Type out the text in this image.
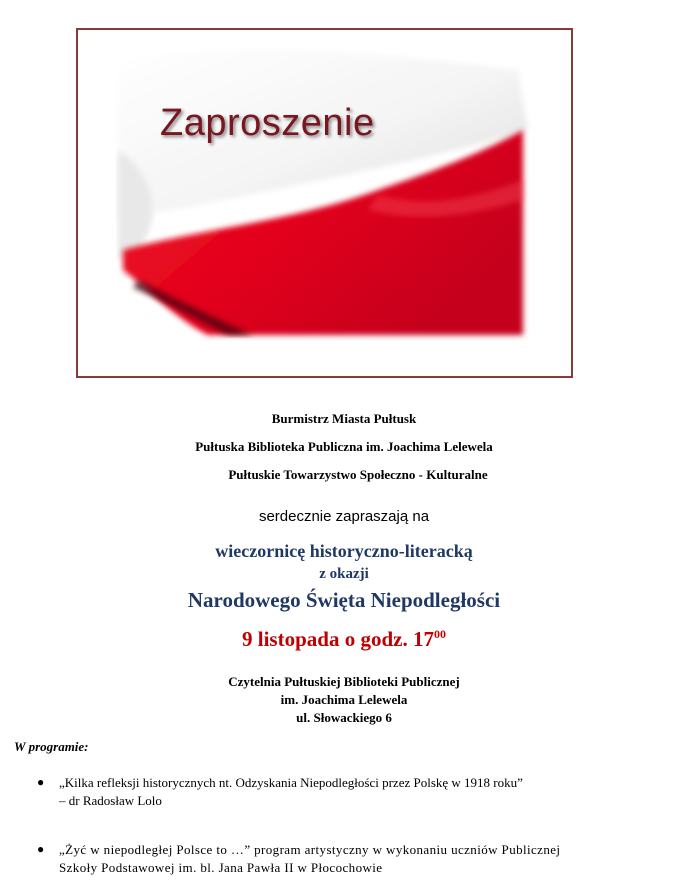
Zaproszenie
Burmistrz Miasta Pułtusk
Pułtuska Biblioteka Publiczna im. Joachima Lelewela
Pułtuskie Towarzystwo Społeczno - Kulturalne
serdecznie zapraszają na
wieczornicę historyczno-literacką
z okazji
Narodowego Święta Niepodległości
9 listopada o godz. $17^{00}$
Czytelnia Pułtuskiej Biblioteki Publicznej
im. Joachima Lelewela
ul. Słowackiego 6
W programie:
● „Kilka refleksji historycznych nt. Odzyskania Niepodległości przez Polskę w 1918 roku”
– dr Radosław Lolo
● „Żyć w niepodległej Polsce to …” program artystyczny w wykonaniu uczniów Publicznej
Szkoły Podstawowej im. bl. Jana Pawła II w Płocochowie
